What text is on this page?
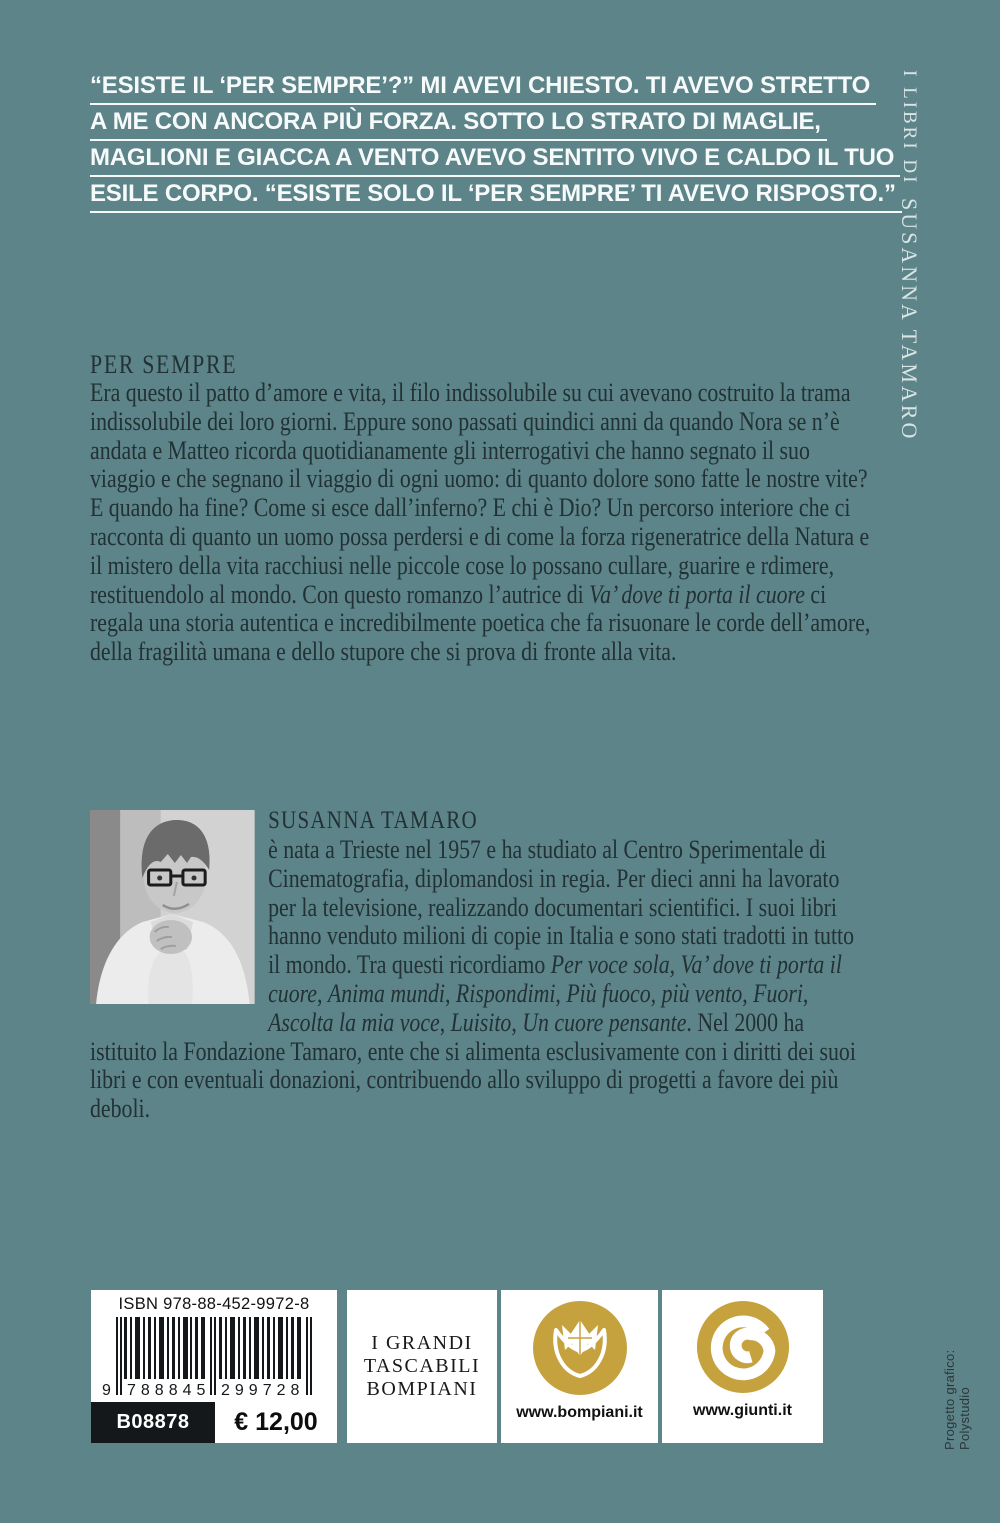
“ESISTE IL ‘PER SEMPRE’?” MI AVEVI CHIESTO. TI AVEVO STRETTO
A ME CON ANCORA PIÙ FORZA. SOTTO LO STRATO DI MAGLIE,
MAGLIONI E GIACCA A VENTO AVEVO SENTITO VIVO E CALDO IL TUO
ESILE CORPO. “ESISTE SOLO IL ‘PER SEMPRE’ TI AVEVO RISPOSTO.”
I LIBRI DI SUSANNA TAMARO
PER SEMPRE
Era questo il patto d’amore e vita, il filo indissolubile su cui avevano costruito la trama indissolubile dei loro giorni. Eppure sono passati quindici anni da quando Nora se n’è andata e Matteo ricorda quotidianamente gli interrogativi che hanno segnato il suo viaggio e che segnano il viaggio di ogni uomo: di quanto dolore sono fatte le nostre vite? E quando ha fine? Come si esce dall’inferno? E chi è Dio? Un percorso interiore che ci racconta di quanto un uomo possa perdersi e di come la forza rigeneratrice della Natura e il mistero della vita racchiusi nelle piccole cose lo possano cullare, guarire e rdimere, restituendolo al mondo. Con questo romanzo l’autrice di Va’ dove ti porta il cuore ci regala una storia autentica e incredibilmente poetica che fa risuonare le corde dell’amore, della fragilità umana e dello stupore che si prova di fronte alla vita.
SUSANNA TAMARO
è nata a Trieste nel 1957 e ha studiato al Centro Sperimentale di Cinematografia, diplomandosi in regia. Per dieci anni ha lavorato per la televisione, realizzando documentari scientifici. I suoi libri hanno venduto milioni di copie in Italia e sono stati tradotti in tutto il mondo. Tra questi ricordiamo Per voce sola, Va’ dove ti porta il cuore, Anima mundi, Rispondimi, Più fuoco, più vento, Fuori, Ascolta la mia voce, Luisito, Un cuore pensante. Nel 2000 ha istituito la Fondazione Tamaro, ente che si alimenta esclusivamente con i diritti dei suoi libri e con eventuali donazioni, contribuendo allo sviluppo di progetti a favore dei più deboli.
ISBN 978-88-452-9972-8
9 788845 299728
B08878	€ 12,00
I GRANDI
TASCABILI
BOMPIANI
www.bompiani.it	www.giunti.it	Progetto grafico: Polystudio
